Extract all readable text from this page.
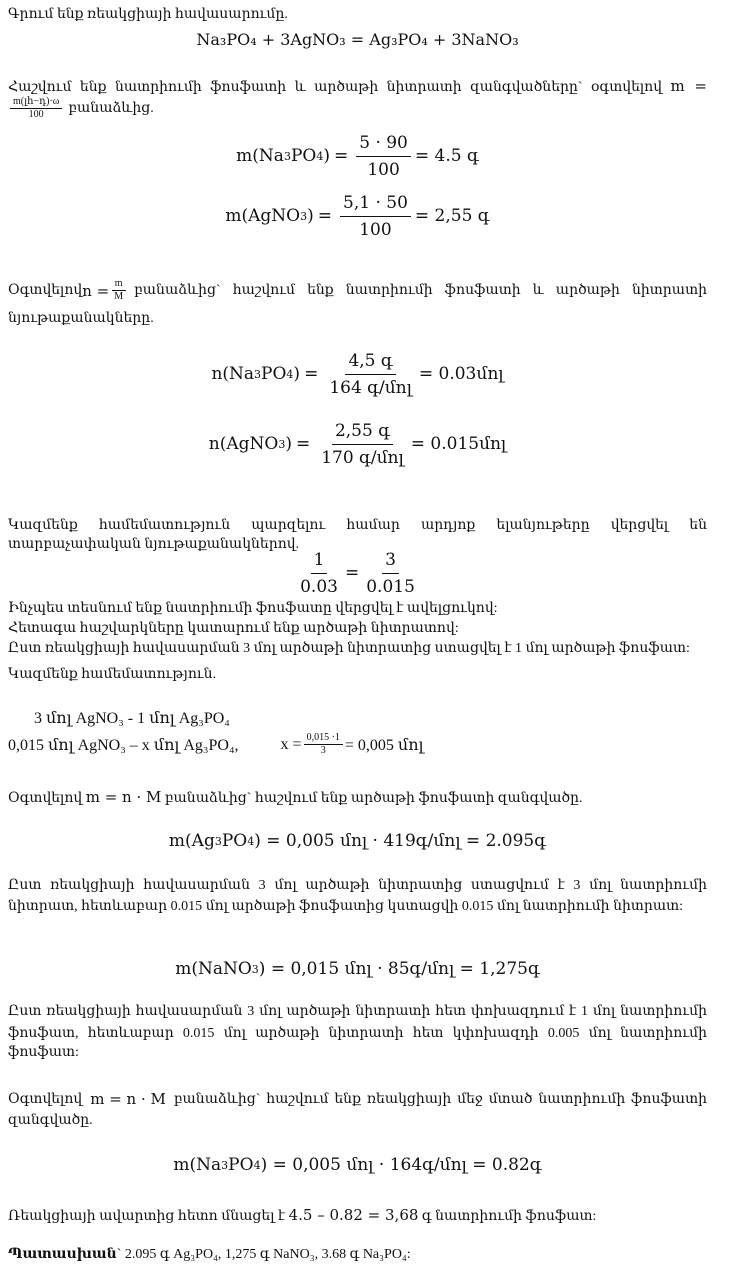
Գրում ենք ռեակցիայի հավասարումը.
Na₃PO₄ + 3AgNO₃ = Ag₃PO₄ + 3NaNO₃
Հաշվում ենք նատրիումի ֆոսֆատի և արծաթի նիտրատի զանգվածները` օգտվելով m =
$\frac{\text{m(լհ−դ)·ω}}{100}$ բանաձևից.
m(Na 3 PO 4 ) = $\frac{5 \cdot 90}{100} = 4.5$ գ
m(AgNO 3 ) = $\frac{5,1 \cdot 50}{100} = 2,55$ գ
Օգտվելով $n = \frac{m}{M}$ բանաձևից` հաշվում ենք նատրիումի ֆոսֆատի և արծաթի նիտրատի
նյութաքանակները.
n(Na 3 PO 4 ) = $\frac{\text{4,5 գ}}{\text{164 գ/մոլ}}$ = 0.03մոլ
n(AgNO 3 ) = $\frac{\text{2,55 գ}}{\text{170 գ/մոլ}}$ = 0.015մոլ
Կազմենք համեմատություն պարզելու համար արդյոք ելանյութերը վերցվել են
տարբաչափական նյութաքանակներով.
$\frac{1}{0.03} = \frac{3}{0.015}$
Ինչպես տեսնում ենք նատրիումի ֆոսֆատը վերցվել է ավելցուկով:
Հետագա հաշվարկները կատարում ենք արծաթի նիտրատով:
Ըստ ռեակցիայի հավասարման 3 մոլ արծաթի նիտրատից ստացվել է 1 մոլ արծաթի ֆոսֆատ:
Կազմենք համեմատություն.
3 մոլ AgNO₃ - 1 մոլ Ag₃PO₄
0,015 մոլ AgNO₃ – x մոլ Ag₃PO₄,	$x = \frac{0,015 \cdot 1}{3} = 0,005$ մոլ
Օգտվելով m = n · M բանաձևից` հաշվում ենք արծաթի ֆոսֆատի զանգվածը.
m(Ag 3 PO 4 ) = 0,005 մոլ · 419գ/մոլ = 2.095գ
Ըստ ռեակցիայի հավասարման 3 մոլ արծաթի նիտրատից ստացվում է 3 մոլ նատրիումի
նիտրատ, հետևաբար 0.015 մոլ արծաթի ֆոսֆատից կստացվի 0.015 մոլ նատրիումի նիտրատ:
m(NaNO 3 ) = 0,015 մոլ · 85գ/մոլ = 1,275գ
Ըստ ռեակցիայի հավասարման 3 մոլ արծաթի նիտրատի հետ փոխազդում է 1 մոլ նատրիումի
ֆոսֆատ, հետևաբար 0.015 մոլ արծաթի նիտրատի հետ կփոխազդի 0.005 մոլ նատրիումի
ֆոսֆատ:
Օգտվելով m = n · M բանաձևից` հաշվում ենք ռեակցիայի մեջ մտած նատրիումի ֆոսֆատի
զանգվածը.
m(Na 3 PO 4 ) = 0,005 մոլ · 164գ/մոլ = 0.82գ
Ռեակցիայի ավարտից հետո մնացել է 4.5 – 0.82 = 3,68 գ նատրիումի ֆոսֆատ:
Պատասխան` 2.095 գ Ag₃PO₄, 1,275 գ NaNO₃, 3.68 գ Na₃PO₄:
